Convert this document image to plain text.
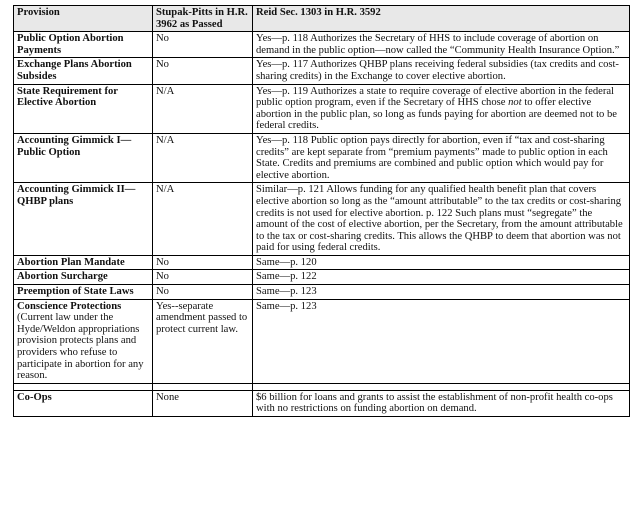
Provision	Stupak-Pitts in H.R. 3962 as Passed	Reid Sec. 1303 in H.R. 3592
Public Option Abortion Payments	No	Yes—p. 118 Authorizes the Secretary of HHS to include coverage of abortion on demand in the public option—now called the “Community Health Insurance Option.”
Exchange Plans Abortion Subsides	No	Yes—p. 117 Authorizes QHBP plans receiving federal subsidies (tax credits and cost-sharing credits) in the Exchange to cover elective abortion.
State Requirement for Elective Abortion	N/A	Yes—p. 119 Authorizes a state to require coverage of elective abortion in the federal public option program, even if the Secretary of HHS chose not to offer elective abortion in the public plan, so long as funds paying for abortion are deemed not to be federal credits.
Accounting Gimmick I—Public Option	N/A	Yes—p. 118 Public option pays directly for abortion, even if “tax and cost-sharing credits” are kept separate from “premium payments” made to public option in each State. Credits and premiums are combined and public option which would pay for elective abortion.
Accounting Gimmick II—QHBP plans	N/A	Similar—p. 121 Allows funding for any qualified health benefit plan that covers elective abortion so long as the “amount attributable” to the tax credits or cost-sharing credits is not used for elective abortion. p. 122 Such plans must “segregate” the amount of the cost of elective abortion, per the Secretary, from the amount attributable to the tax or cost-sharing credits. This allows the QHBP to deem that abortion was not paid for using federal credits.
Abortion Plan Mandate	No	Same—p. 120
Abortion Surcharge	No	Same—p. 122
Preemption of State Laws	No	Same—p. 123
Conscience Protections (Current law under the Hyde/Weldon appropriations provision protects plans and providers who refuse to participate in abortion for any reason.	Yes--separate amendment passed to protect current law.	Same—p. 123

Co-Ops	None	$6 billion for loans and grants to assist the establishment of non-profit health co-ops with no restrictions on funding abortion on demand.
